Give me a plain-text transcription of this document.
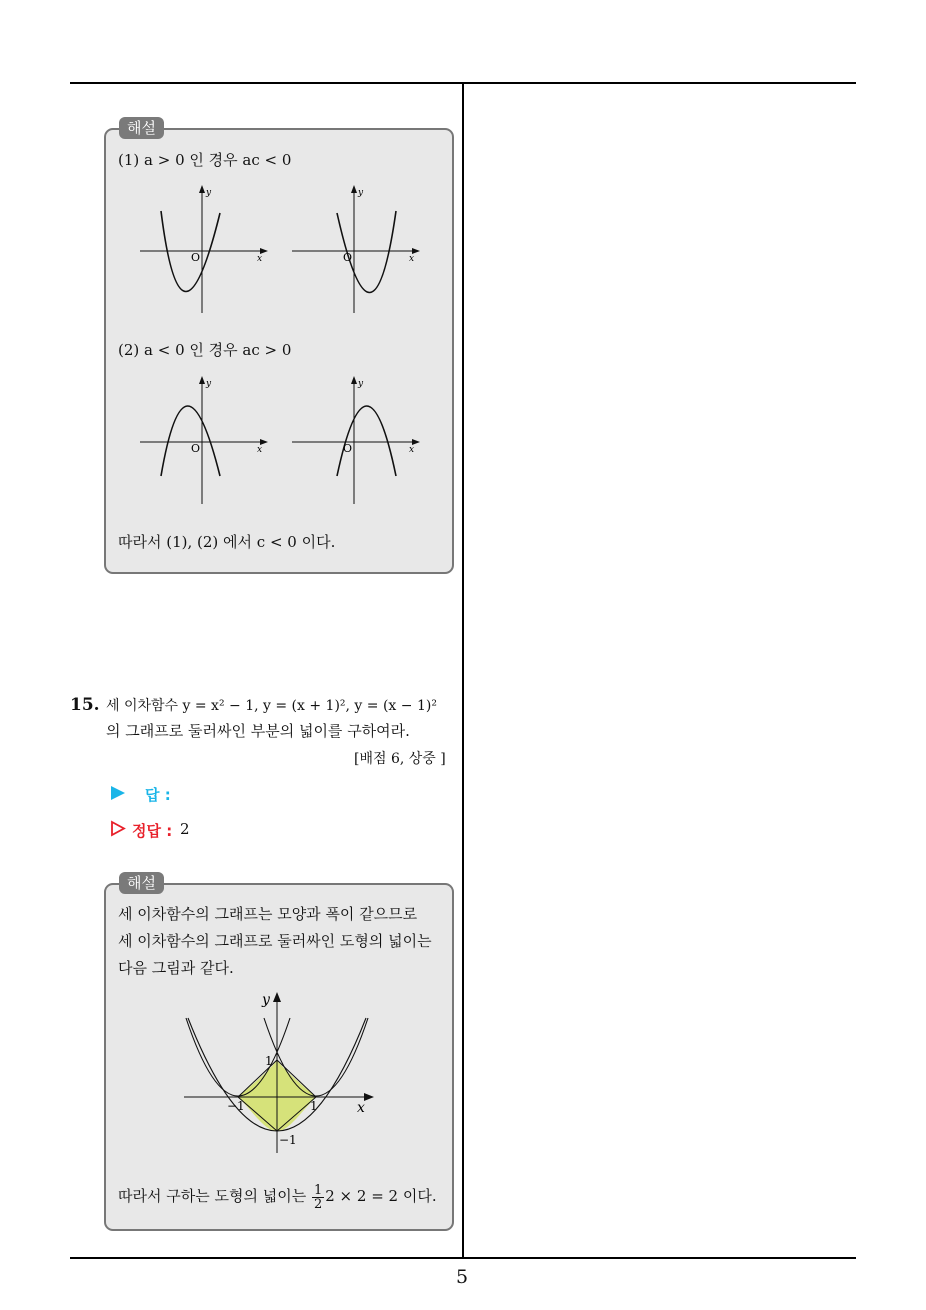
해설
(1) a > 0 인 경우 ac < 0
y
x
O
y
x
O
(2) a < 0 인 경우 ac > 0
y
x
O
y
x
O
따라서 (1), (2) 에서 c < 0 이다.
15. 세 이차함수 y = x² − 1, y = (x + 1)², y = (x − 1)²
의 그래프로 둘러싸인 부분의 넓이를 구하여라.
[배점 6, 상중 ]
답 :
정답 : 2
해설
세 이차함수의 그래프는 모양과 폭이 같으므로
세 이차함수의 그래프로 둘러싸인 도형의 넓이는
다음 그림과 같다.
y
x
1
−1	1
−1
따라서 구하는 도형의 넓이는 $\frac{1}{2} 2 \times 2 = 2$ 이다.
5
